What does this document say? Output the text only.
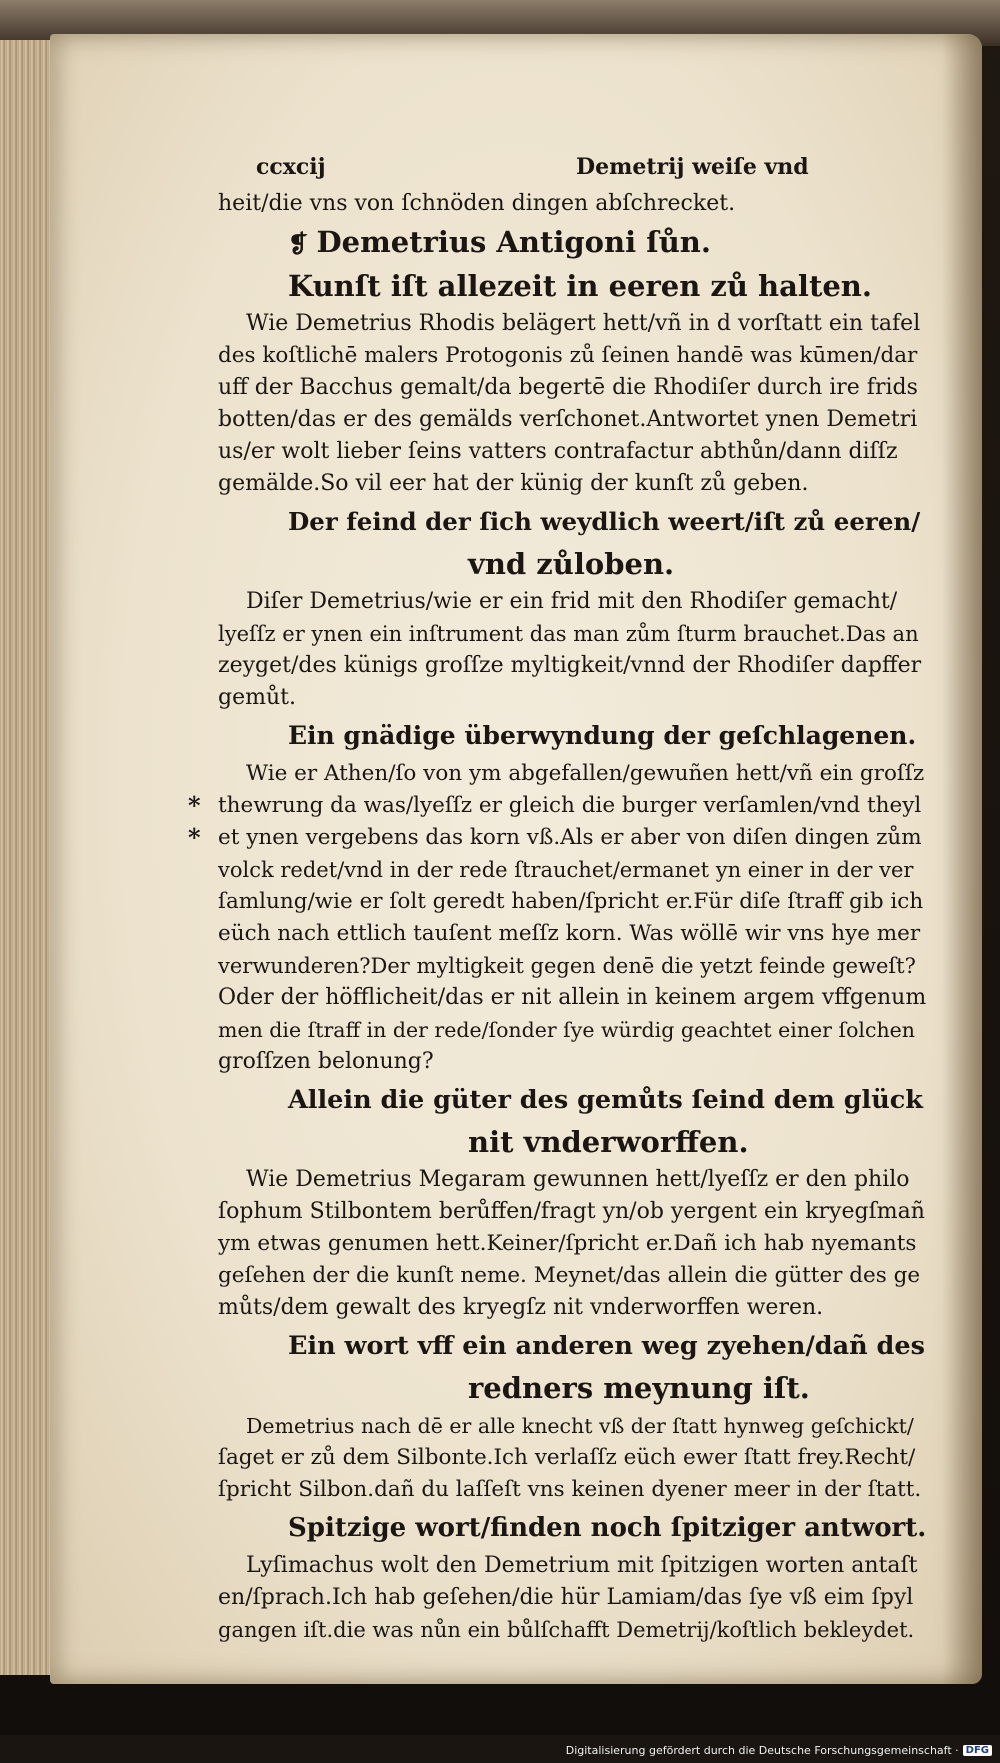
ccxcij	Demetrij weiſe vnd
heit/die vns von ſchnöden dingen abſchrecket.
❡ Demetrius Antigoni ſůn.
Kunſt iſt allezeit in eeren zů halten.
Wie Demetrius Rhodis belägert hett/vñ in d vorſtatt ein tafel
des koſtlichē malers Protogonis zů ſeinen handē was kūmen/dar
uff der Bacchus gemalt/da begertē die Rhodiſer durch ire frids
botten/das er des gemälds verſchonet.Antwortet ynen Demetri
us/er wolt lieber ſeins vatters contrafactur abthůn/dann diſſz
gemälde.So vil eer hat der künig der kunſt zů geben.
Der feind der ſich weydlich weert/iſt zů eeren/
vnd zůloben.
Diſer Demetrius/wie er ein frid mit den Rhodiſer gemacht/
lyeſſz er ynen ein inſtrument das man zům ſturm brauchet.Das an
zeyget/des künigs groſſze myltigkeit/vnnd der Rhodiſer dapffer
gemůt.
Ein gnädige überwyndung der geſchlagenen.
Wie er Athen/ſo von ym abgefallen/gewuñen hett/vñ ein groſſz
thewrung da was/lyeſſz er gleich die burger verſamlen/vnd theyl
*
et ynen vergebens das korn vß.Als er aber von diſen dingen zům
*
volck redet/vnd in der rede ſtrauchet/ermanet yn einer in der ver
ſamlung/wie er ſolt geredt haben/ſpricht er.Für diſe ſtraff gib ich
eüch nach ettlich tauſent meſſz korn. Was wöllē wir vns hye mer
verwunderen?Der myltigkeit gegen denē die yetzt feinde geweſt?
Oder der höfflicheit/das er nit allein in keinem argem vffgenum
men die ſtraff in der rede/ſonder ſye würdig geachtet einer ſolchen
groſſzen belonung?
Allein die güter des gemůts ſeind dem glück
nit vnderworffen.
Wie Demetrius Megaram gewunnen hett/lyeſſz er den philo
ſophum Stilbontem berůffen/fragt yn/ob yergent ein kryegſmañ
ym etwas genumen hett.Keiner/ſpricht er.Dañ ich hab nyemants
geſehen der die kunſt neme. Meynet/das allein die gütter des ge
můts/dem gewalt des kryegſz nit vnderworffen weren.
Ein wort vff ein anderen weg zyehen/dañ des
redners meynung iſt.
Demetrius nach dē er alle knecht vß der ſtatt hynweg geſchickt/
ſaget er zů dem Silbonte.Ich verlaſſz eüch ewer ſtatt frey.Recht/
ſpricht Silbon.dañ du laſſeſt vns keinen dyener meer in der ſtatt.
Spitzige wort/finden noch ſpitziger antwort.
Lyſimachus wolt den Demetrium mit ſpitzigen worten antaſt
en/ſprach.Ich hab geſehen/die hür Lamiam/das ſye vß eim ſpyl
gangen iſt.die was nůn ein bůlſchafft Demetrij/koſtlich bekleydet.
Digitalisierung gefördert durch die Deutsche Forschungsgemeinschaft · DFG
